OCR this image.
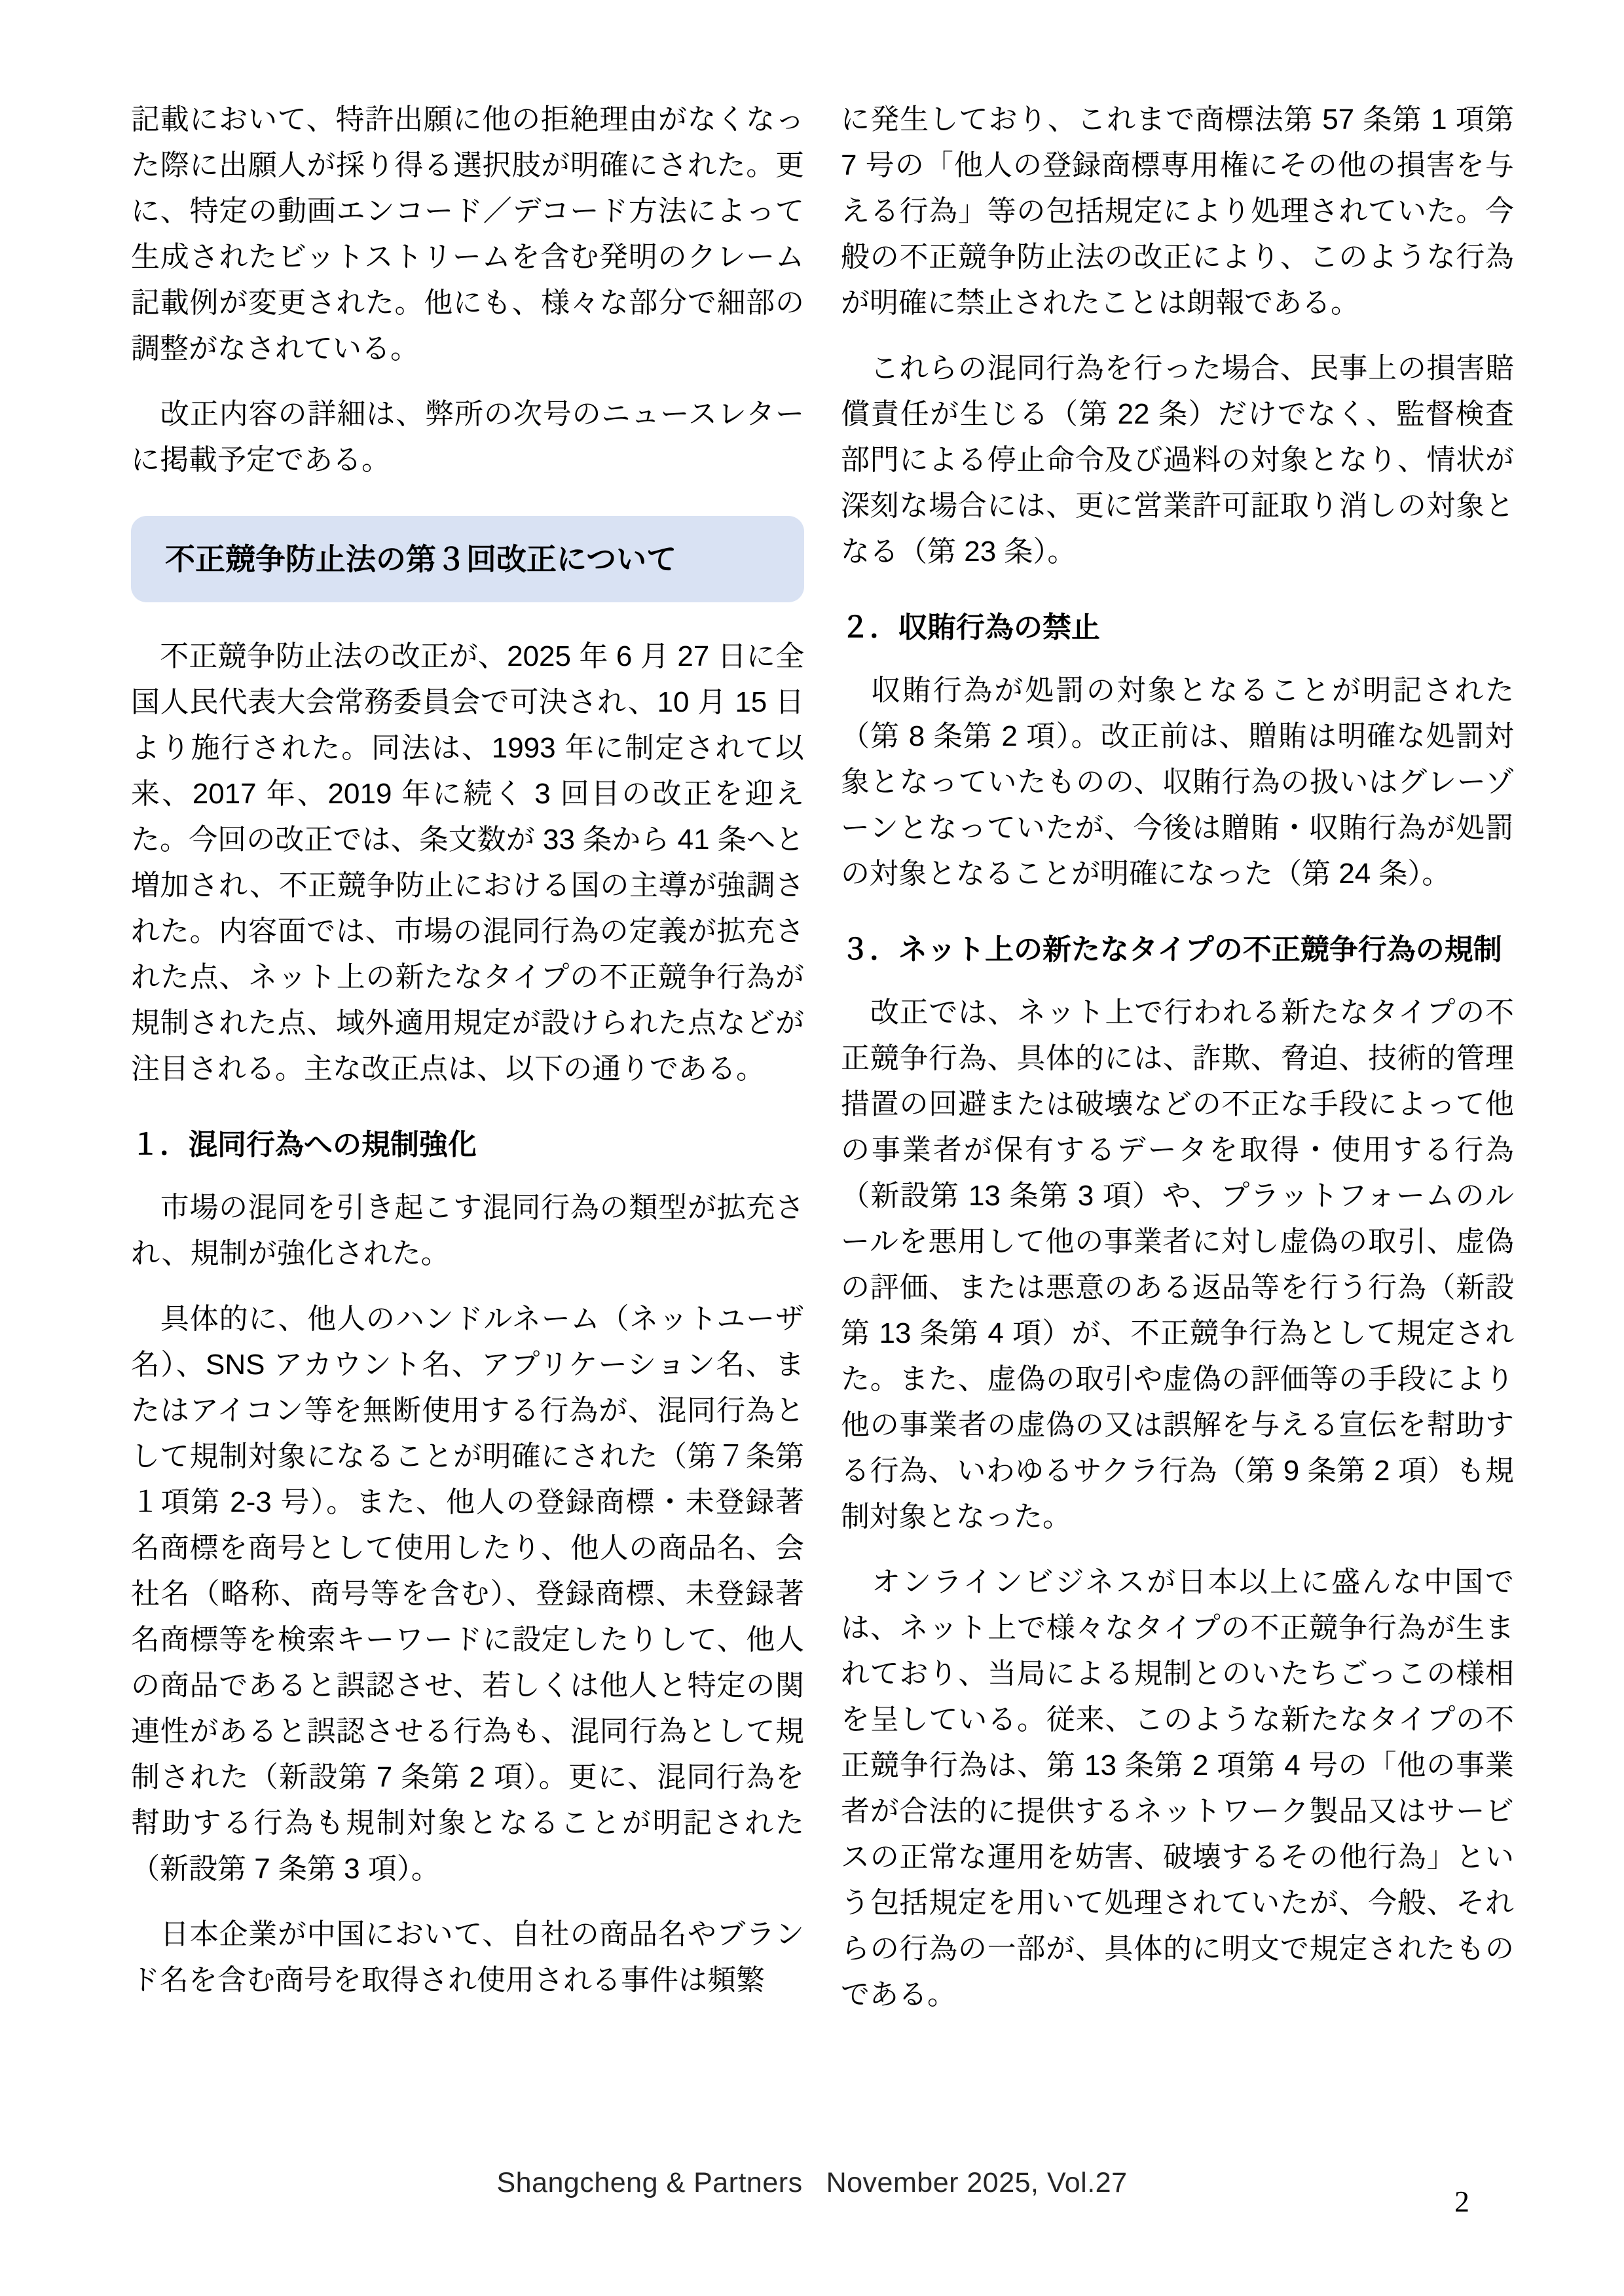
記載において、特許出願に他の拒絶理由がなくなった際に出願人が採り得る選択肢が明確にされた。更に、特定の動画エンコード／デコード方法によって生成されたビットストリームを含む発明のクレーム記載例が変更された。他にも、様々な部分で細部の調整がなされている。

　改正内容の詳細は、弊所の次号のニュースレターに掲載予定である。

不正競争防止法の第３回改正について

　不正競争防止法の改正が、2025 年 6 月 27 日に全国人民代表大会常務委員会で可決され、10 月 15 日より施行された。同法は、1993 年に制定されて以来、2017 年、2019 年に続く 3 回目の改正を迎えた。今回の改正では、条文数が 33 条から 41 条へと増加され、不正競争防止における国の主導が強調された。内容面では、市場の混同行為の定義が拡充された点、ネット上の新たなタイプの不正競争行為が規制された点、域外適用規定が設けられた点などが注目される。主な改正点は、以下の通りである。

１．混同行為への規制強化

　市場の混同を引き起こす混同行為の類型が拡充され、規制が強化された。

　具体的に、他人のハンドルネーム（ネットユーザ名）、SNS アカウント名、アプリケーション名、またはアイコン等を無断使用する行為が、混同行為として規制対象になることが明確にされた（第７条第１項第 2-3 号）。また、他人の登録商標・未登録著名商標を商号として使用したり、他人の商品名、会社名（略称、商号等を含む）、登録商標、未登録著名商標等を検索キーワードに設定したりして、他人の商品であると誤認させ、若しくは他人と特定の関連性があると誤認させる行為も、混同行為として規制された（新設第 7 条第 2 項）。更に、混同行為を幇助する行為も規制対象となることが明記された（新設第 7 条第 3 項）。

　日本企業が中国において、自社の商品名やブランド名を含む商号を取得され使用される事件は頻繁

に発生しており、これまで商標法第 57 条第 1 項第 7 号の「他人の登録商標専用権にその他の損害を与える行為」等の包括規定により処理されていた。今般の不正競争防止法の改正により、このような行為が明確に禁止されたことは朗報である。

　これらの混同行為を行った場合、民事上の損害賠償責任が生じる（第 22 条）だけでなく、監督検査部門による停止命令及び過料の対象となり、情状が深刻な場合には、更に営業許可証取り消しの対象となる（第 23 条）。

２．収賄行為の禁止

　収賄行為が処罰の対象となることが明記された（第 8 条第 2 項）。改正前は、贈賄は明確な処罰対象となっていたものの、収賄行為の扱いはグレーゾーンとなっていたが、今後は贈賄・収賄行為が処罰の対象となることが明確になった（第 24 条）。

３．ネット上の新たなタイプの不正競争行為の規制

　改正では、ネット上で行われる新たなタイプの不正競争行為、具体的には、詐欺、脅迫、技術的管理措置の回避または破壊などの不正な手段によって他の事業者が保有するデータを取得・使用する行為（新設第 13 条第 3 項）や、プラットフォームのルールを悪用して他の事業者に対し虚偽の取引、虚偽の評価、または悪意のある返品等を行う行為（新設第 13 条第 4 項）が、不正競争行為として規定された。また、虚偽の取引や虚偽の評価等の手段により他の事業者の虚偽の又は誤解を与える宣伝を幇助する行為、いわゆるサクラ行為（第 9 条第 2 項）も規制対象となった。

　オンラインビジネスが日本以上に盛んな中国では、ネット上で様々なタイプの不正競争行為が生まれており、当局による規制とのいたちごっこの様相を呈している。従来、このような新たなタイプの不正競争行為は、第 13 条第 2 項第 4 号の「他の事業者が合法的に提供するネットワーク製品又はサービスの正常な運用を妨害、破壊するその他行為」という包括規定を用いて処理されていたが、今般、それらの行為の一部が、具体的に明文で規定されたものである。

Shangcheng & Partners November 2025, Vol.27
2
